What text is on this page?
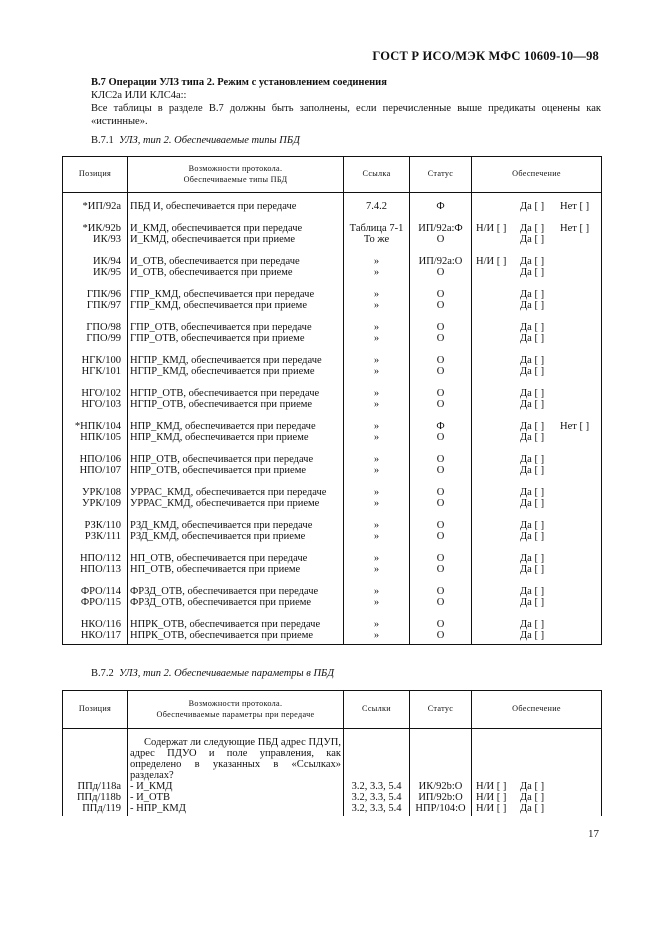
ГОСТ Р ИСО/МЭК МФС 10609-10—98
В.7 Операции УЛЗ типа 2. Режим с установлением соединения
КЛС2а ИЛИ КЛС4а::
Все таблицы в разделе В.7 должны быть заполнены, если перечисленные выше предикаты оценены как «истинные».
В.7.1 УЛЗ, тип 2. Обеспечиваемые типы ПБД
Позиция	Возможности протокола.
Обеспечиваемые типы ПБД	Ссылка	Статус	Обеспечение
*ИП/92а	ПБД И, обеспечивается при передаче	7.4.2	Ф	Да [ ] Нет [ ]

*ИК/92b	И_КМД, обеспечивается при передаче	Таблица 7-1	ИП/92а:Ф	Н/И [ ] Да [ ] Нет [ ]

ИК/93	И_КМД, обеспечивается при приеме	То же	О	Да [ ]

ИК/94	И_ОТВ, обеспечивается при передаче	»	ИП/92а:О	Н/И [ ] Да [ ]

ИК/95	И_ОТВ, обеспечивается при приеме	»	О	Да [ ]

ГПК/96	ГПР_КМД, обеспечивается при передаче	»	О	Да [ ]

ГПК/97	ГПР_КМД, обеспечивается при приеме	»	О	Да [ ]

ГПО/98	ГПР_ОТВ, обеспечивается при передаче	»	О	Да [ ]

ГПО/99	ГПР_ОТВ, обеспечивается при приеме	»	О	Да [ ]

НГК/100	НГПР_КМД, обеспечивается при передаче	»	О	Да [ ]

НГК/101	НГПР_КМД, обеспечивается при приеме	»	О	Да [ ]

НГО/102	НГПР_ОТВ, обеспечивается при передаче	»	О	Да [ ]

НГО/103	НГПР_ОТВ, обеспечивается при приеме	»	О	Да [ ]

*НПК/104	НПР_КМД, обеспечивается при передаче	»	Ф	Да [ ] Нет [ ]

НПК/105	НПР_КМД, обеспечивается при приеме	»	О	Да [ ]

НПО/106	НПР_ОТВ, обеспечивается при передаче	»	О	Да [ ]

НПО/107	НПР_ОТВ, обеспечивается при приеме	»	О	Да [ ]

УРК/108	УРРАС_КМД, обеспечивается при передаче	»	О	Да [ ]

УРК/109	УРРАС_КМД, обеспечивается при приеме	»	О	Да [ ]

РЗК/110	РЗД_КМД, обеспечивается при передаче	»	О	Да [ ]

РЗК/111	РЗД_КМД, обеспечивается при приеме	»	О	Да [ ]

НПО/112	НП_ОТВ, обеспечивается при передаче	»	О	Да [ ]

НПО/113	НП_ОТВ, обеспечивается при приеме	»	О	Да [ ]

ФРО/114	ФРЗД_ОТВ, обеспечивается при передаче	»	О	Да [ ]

ФРО/115	ФРЗД_ОТВ, обеспечивается при приеме	»	О	Да [ ]

НКО/116	НПРК_ОТВ, обеспечивается при передаче	»	О	Да [ ]

НКО/117	НПРК_ОТВ, обеспечивается при приеме	»	О	Да [ ]

В.7.2 УЛЗ, тип 2. Обеспечиваемые параметры в ПБД
Позиция	Возможности протокола.
Обеспечиваемые параметры при передаче	Ссылки	Статус	Обеспечение
	Содержат ли следующие ПБД адрес ПДУП, адрес ПДУО и поле управления, как определено в указанных в «Ссылках» разделах?			
ППд/118а	- И_КМД	3.2, 3.3, 5.4	ИК/92b:О	Н/И [ ] Да [ ]

ППд/118b	- И_ОТВ	3.2, 3.3, 5.4	ИП/92b:О	Н/И [ ] Да [ ]

ППд/119	- НПР_КМД	3.2, 3.3, 5.4	НПР/104:О	Н/И [ ] Да [ ]

17
